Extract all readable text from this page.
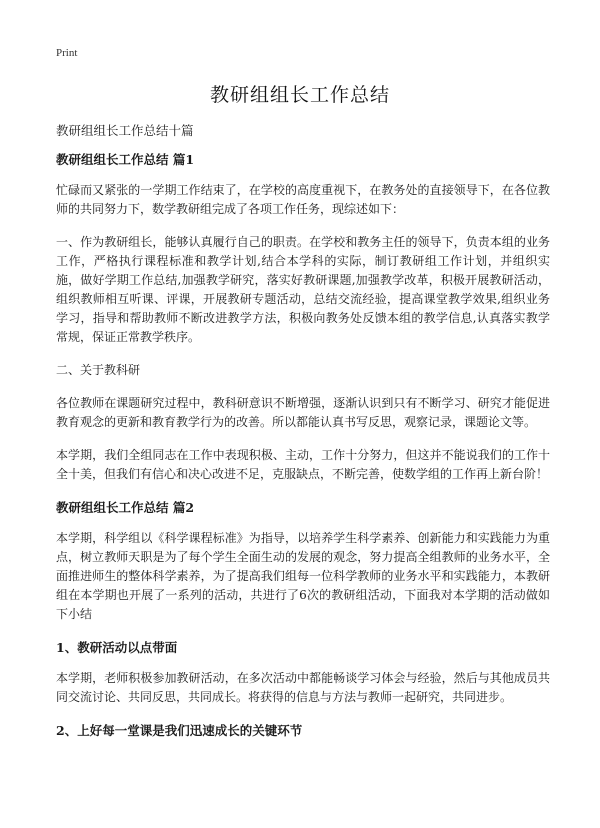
Print
教研组组长工作总结
教研组组长工作总结十篇
教研组组长工作总结 篇1

忙碌而又紧张的一学期工作结束了，在学校的高度重视下，在教务处的直接领导下，在各位教师的共同努力下，数学教研组完成了各项工作任务，现综述如下：

一、作为教研组长，能够认真履行自己的职责。在学校和教务主任的领导下，负责本组的业务工作，严格执行课程标准和教学计划,结合本学科的实际，制订教研组工作计划，并组织实施，做好学期工作总结,加强教学研究，落实好教研课题,加强教学改革，积极开展教研活动，组织教师相互听课、评课，开展教研专题活动，总结交流经验，提高课堂教学效果,组织业务学习，指导和帮助教师不断改进教学方法，积极向教务处反馈本组的教学信息,认真落实教学常规，保证正常教学秩序。

二、关于教科研

各位教师在课题研究过程中，教科研意识不断增强，逐渐认识到只有不断学习、研究才能促进教育观念的更新和教育教学行为的改善。所以都能认真书写反思，观察记录，课题论文等。

本学期，我们全组同志在工作中表现积极、主动，工作十分努力，但这并不能说我们的工作十全十美，但我们有信心和决心改进不足，克服缺点，不断完善，使数学组的工作再上新台阶！

教研组组长工作总结 篇2

本学期，科学组以《科学课程标准》为指导，以培养学生科学素养、创新能力和实践能力为重点，树立教师天职是为了每个学生全面生动的发展的观念，努力提高全组教师的业务水平，全面推进师生的整体科学素养，为了提高我们组每一位科学教师的业务水平和实践能力，本教研组在本学期也开展了一系列的活动，共进行了6次的教研组活动，下面我对本学期的活动做如下小结

1、教研活动以点带面

本学期，老师积极参加教研活动，在多次活动中都能畅谈学习体会与经验，然后与其他成员共同交流讨论、共同反思，共同成长。将获得的信息与方法与教师一起研究，共同进步。

2、上好每一堂课是我们迅速成长的关键环节
